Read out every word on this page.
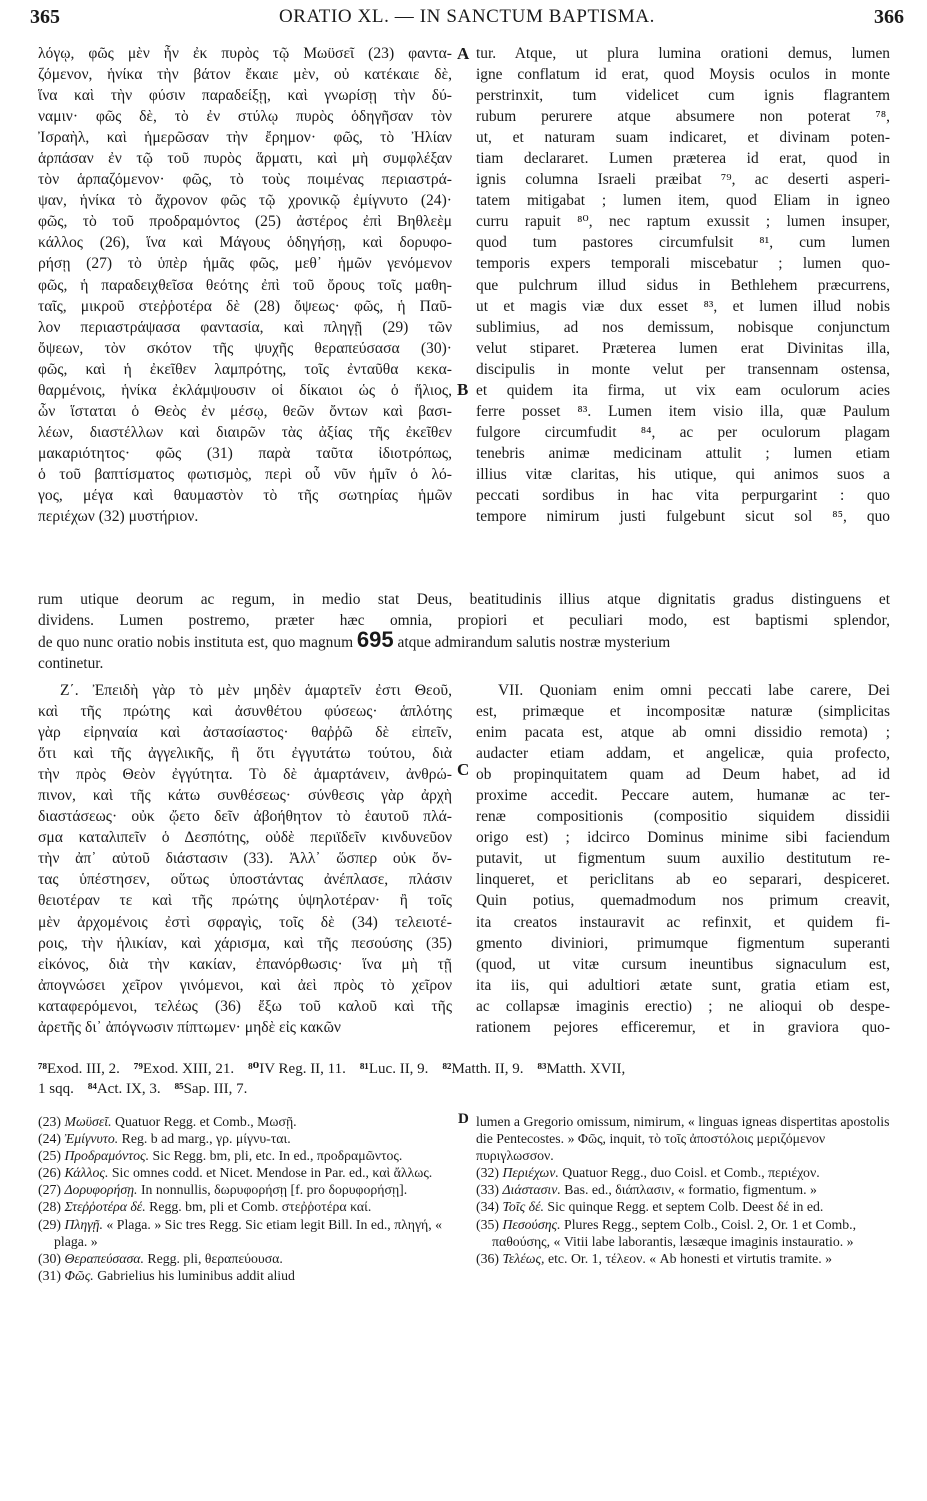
365	ORATIO XL. — IN SANCTUM BAPTISMA.	366
λόγῳ, φῶς μὲν ἦν ἐκ πυρὸς τῷ Μωϋσεῖ (23) φαντα-
ζόμενον, ἡνίκα τὴν βάτον ἔκαιε μὲν, οὐ κατέκαιε δὲ,
ἵνα καὶ τὴν φύσιν παραδείξῃ, καὶ γνωρίσῃ τὴν δύ-
ναμιν· φῶς δὲ, τὸ ἐν στύλῳ πυρὸς ὁδηγῆσαν τὸν
Ἰσραὴλ, καὶ ἡμερῶσαν τὴν ἔρημον· φῶς, τὸ Ἠλίαν
ἁρπάσαν ἐν τῷ τοῦ πυρὸς ἅρματι, καὶ μὴ συμφλέξαν
τὸν ἁρπαζόμενον· φῶς, τὸ τοὺς ποιμένας περιαστρά-
ψαν, ἡνίκα τὸ ἄχρονον φῶς τῷ χρονικῷ ἐμίγνυτο (24)·
φῶς, τὸ τοῦ προδραμόντος (25) ἀστέρος ἐπὶ Βηθλεὲμ
κάλλος (26), ἵνα καὶ Μάγους ὁδηγήσῃ, καὶ δορυφο-
ρήσῃ (27) τὸ ὑπὲρ ἡμᾶς φῶς, μεθ᾿ ἡμῶν γενόμενον
φῶς, ἡ παραδειχθεῖσα θεότης ἐπὶ τοῦ ὄρους τοῖς μαθη-
ταῖς, μικροῦ στεῤῥοτέρα δὲ (28) ὄψεως· φῶς, ἡ Παῦ-
λον περιαστράψασα φαντασία, καὶ πληγῇ (29) τῶν
ὄψεων, τὸν σκότον τῆς ψυχῆς θεραπεύσασα (30)·
φῶς, καὶ ἡ ἐκεῖθεν λαμπρότης, τοῖς ἐνταῦθα κεκα-
θαρμένοις, ἡνίκα ἐκλάμψουσιν οἱ δίκαιοι ὡς ὁ ἥλιος,
ὧν ἵσταται ὁ Θεὸς ἐν μέσῳ, θεῶν ὄντων καὶ βασι-
λέων, διαστέλλων καὶ διαιρῶν τὰς ἀξίας τῆς ἐκεῖθεν
μακαριότητος· φῶς (31) παρὰ ταῦτα ἰδιοτρόπως,
ὁ τοῦ βαπτίσματος φωτισμὸς, περὶ οὗ νῦν ἡμῖν ὁ λό-
γος, μέγα καὶ θαυμαστὸν τὸ τῆς σωτηρίας ἡμῶν
περιέχων (32) μυστήριον.
tur. Atque, ut plura lumina orationi demus, lumen
igne conflatum id erat, quod Moysis oculos in monte
perstrinxit, tum videlicet cum ignis flagrantem
rubum perurere atque absumere non poterat ⁷⁸,
ut, et naturam suam indicaret, et divinam poten-
tiam declararet. Lumen præterea id erat, quod in
ignis columna Israeli præibat ⁷⁹, ac deserti asperi-
tatem mitigabat ; lumen item, quod Eliam in igneo
curru rapuit ⁸⁰, nec raptum exussit ; lumen insuper,
quod tum pastores circumfulsit ⁸¹, cum lumen
temporis expers temporali miscebatur ; lumen quo-
que pulchrum illud sidus in Bethlehem præcurrens,
ut et magis viæ dux esset ⁸³, et lumen illud nobis
sublimius, ad nos demissum, nobisque conjunctum
velut stiparet. Præterea lumen erat Divinitas illa,
discipulis in monte velut per transennam ostensa,
et quidem ita firma, ut vix eam oculorum acies
ferre posset ⁸³. Lumen item visio illa, quæ Paulum
fulgore circumfudit ⁸⁴, ac per oculorum plagam
tenebris animæ medicinam attulit ; lumen etiam
illius vitæ claritas, his utique, qui animos suos a
peccati sordibus in hac vita perpurgarint : quo
tempore nimirum justi fulgebunt sicut sol ⁸⁵, quo
A
B
rum utique deorum ac regum, in medio stat Deus, beatitudinis illius atque dignitatis gradus distinguens et
dividens. Lumen postremo, præter hæc omnia, propiori et peculiari modo, est baptismi splendor,
de quo nunc oratio nobis instituta est, quo magnum 695 atque admirandum salutis nostræ mysterium
continetur.
Ζ΄. Ἐπειδὴ γὰρ τὸ μὲν μηδὲν ἁμαρτεῖν ἐστι Θεοῦ,
καὶ τῆς πρώτης καὶ ἀσυνθέτου φύσεως· ἁπλότης
γὰρ εἰρηναία καὶ ἀστασίαστος· θαῤῥῶ δὲ εἰπεῖν,
ὅτι καὶ τῆς ἀγγελικῆς, ἢ ὅτι ἐγγυτάτω τούτου, διὰ
τὴν πρὸς Θεὸν ἐγγύτητα. Τὸ δὲ ἁμαρτάνειν, ἀνθρώ-
πινον, καὶ τῆς κάτω συνθέσεως· σύνθεσις γὰρ ἀρχὴ
διαστάσεως· οὐκ ᾤετο δεῖν ἀβοήθητον τὸ ἑαυτοῦ πλά-
σμα καταλιπεῖν ὁ Δεσπότης, οὐδὲ περιϊδεῖν κινδυνεῦον
τὴν ἀπ᾿ αὐτοῦ διάστασιν (33). Ἀλλ᾿ ὥσπερ οὐκ ὄν-
τας ὑπέστησεν, οὕτως ὑποστάντας ἀνέπλασε, πλάσιν
θειοτέραν τε καὶ τῆς πρώτης ὑψηλοτέραν· ἢ τοῖς
μὲν ἀρχομένοις ἐστὶ σφραγὶς, τοῖς δὲ (34) τελειοτέ-
ροις, τὴν ἡλικίαν, καὶ χάρισμα, καὶ τῆς πεσούσης (35)
εἰκόνος, διὰ τὴν κακίαν, ἐπανόρθωσις· ἵνα μὴ τῇ
ἀπογνώσει χεῖρον γινόμενοι, καὶ ἀεὶ πρὸς τὸ χεῖρον
καταφερόμενοι, τελέως (36) ἔξω τοῦ καλοῦ καὶ τῆς
ἀρετῆς δι᾿ ἀπόγνωσιν πίπτωμεν· μηδὲ εἰς κακῶν
VII. Quoniam enim omni peccati labe carere, Dei
est, primæque et incompositæ naturæ (simplicitas
enim pacata est, atque ab omni dissidio remota) ;
audacter etiam addam, et angelicæ, quia profecto,
ob propinquitatem quam ad Deum habet, ad id
proxime accedit. Peccare autem, humanæ ac ter-
renæ compositionis (compositio siquidem dissidii
origo est) ; idcirco Dominus minime sibi faciendum
putavit, ut figmentum suum auxilio destitutum re-
linqueret, et periclitans ab eo separari, despiceret.
Quin potius, quemadmodum nos primum creavit,
ita creatos instauravit ac refinxit, et quidem fi-
gmento diviniori, primumque figmentum superanti
(quod, ut vitæ cursum ineuntibus signaculum est,
ita iis, qui adultiori ætate sunt, gratia etiam est,
ac collapsæ imaginis erectio) ; ne alioqui ob despe-
rationem pejores efficeremur, et in graviora quo-
C
⁷⁸Exod. III, 2. ⁷⁹Exod. XIII, 21. ⁸⁰IV Reg. II, 11. ⁸¹Luc. II, 9. ⁸²Matth. II, 9. ⁸³Matth. XVII,
1 sqq. ⁸⁴Act. IX, 3. ⁸⁵Sap. III, 7.

(23) Μωϋσεῖ. Quatuor Regg. et Comb., Μωσῇ.

(24) Ἐμίγνυτο. Reg. b ad marg., γρ. μίγνυ-ται.

(25) Προδραμόντος. Sic Regg. bm, pli, etc. In ed., προδραμῶντος.

(26) Κάλλος. Sic omnes codd. et Nicet. Mendose in Par. ed., καὶ ἄλλως.

(27) Δορυφορήσῃ. In nonnullis, δωρυφορήσῃ [f. pro δορυφορήσῃ].

(28) Στεῤῥοτέρα δέ. Regg. bm, pli et Comb. στεῤῥοτέρα καί.

(29) Πληγῇ. « Plaga. » Sic tres Regg. Sic etiam legit Bill. In ed., πληγή, « plaga. »

(30) Θεραπεύσασα. Regg. pli, θεραπεύουσα.

(31) Φῶς. Gabrielius his luminibus addit aliud

D lumen a Gregorio omissum, nimirum, « linguas igneas dispertitas apostolis die Pentecostes. » Φῶς, inquit, τὸ τοῖς ἀποστόλοις μεριζόμενον πυριγλωσσον.

(32) Περιέχων. Quatuor Regg., duo Coisl. et Comb., περιέχον.

(33) Διάστασιν. Bas. ed., διάπλασιν, « formatio, figmentum. »

(34) Τοῖς δέ. Sic quinque Regg. et septem Colb. Deest δέ in ed.

(35) Πεσούσης. Plures Regg., septem Colb., Coisl. 2, Or. 1 et Comb., παθούσης, « Vitii labe laborantis, læsæque imaginis instauratio. »

(36) Τελέως, etc. Or. 1, τέλεον. « Ab honesti et virtutis tramite. »
